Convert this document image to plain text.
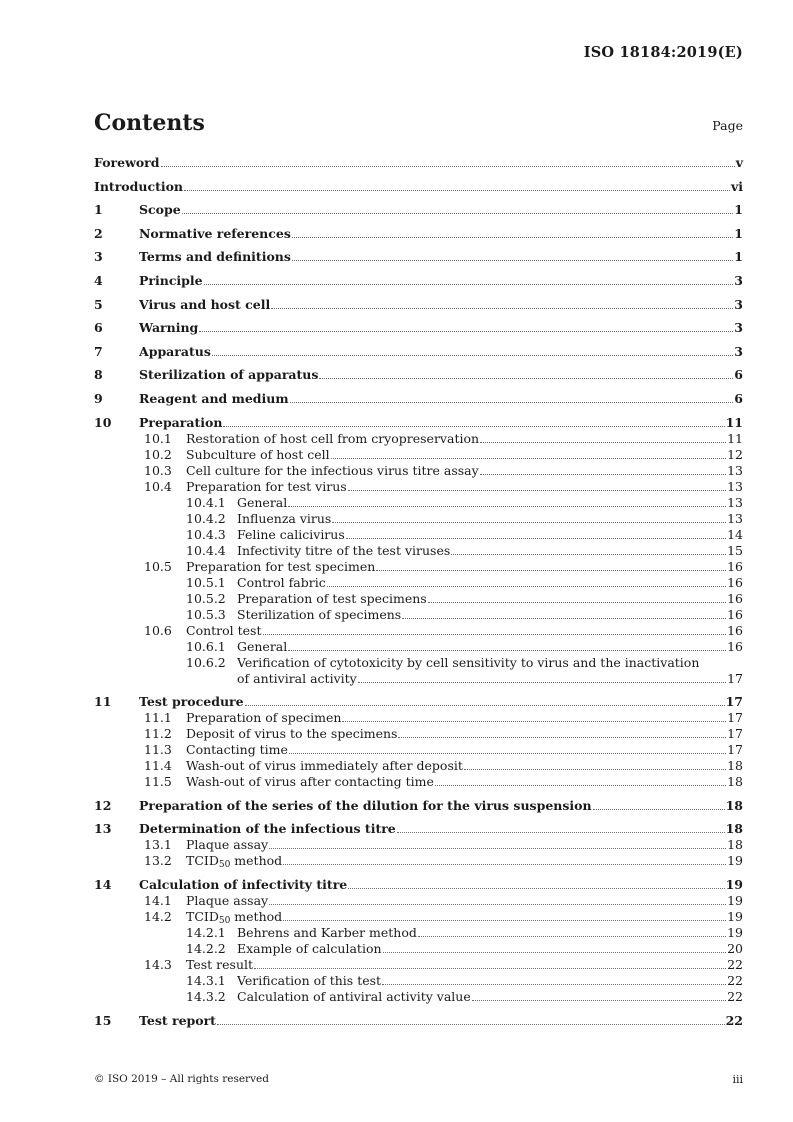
ISO 18184:2019(E)
Contents	Page
Foreword	v
Introduction	vi
1	Scope	1
2	Normative references	1
3	Terms and definitions	1
4	Principle	3
5	Virus and host cell	3
6	Warning	3
7	Apparatus	3
8	Sterilization of apparatus	6
9	Reagent and medium	6
10	Preparation	11
10.1	Restoration of host cell from cryopreservation	11
10.2	Subculture of host cell	12
10.3	Cell culture for the infectious virus titre assay	13
10.4	Preparation for test virus	13
10.4.1 General	13
10.4.2 Influenza virus	13
10.4.3 Feline calicivirus	14
10.4.4 Infectivity titre of the test viruses	15
10.5	Preparation for test specimen	16
10.5.1 Control fabric	16
10.5.2 Preparation of test specimens	16
10.5.3 Sterilization of specimens	16
10.6	Control test	16
10.6.1 General	16
10.6.2 Verification of cytotoxicity by cell sensitivity to virus and the inactivation
of antiviral activity	17
11	Test procedure	17
11.1	Preparation of specimen	17
11.2	Deposit of virus to the specimens	17
11.3	Contacting time	17
11.4	Wash-out of virus immediately after deposit	18
11.5	Wash-out of virus after contacting time	18
12	Preparation of the series of the dilution for the virus suspension	18
13	Determination of the infectious titre	18
13.1	Plaque assay	18
13.2	$TCID_{50}$ method	19
14	Calculation of infectivity titre	19
14.1	Plaque assay	19
14.2	$TCID_{50}$ method	19
14.2.1 Behrens and Karber method	19
14.2.2 Example of calculation	20
14.3	Test result	22
14.3.1 Verification of this test	22
14.3.2 Calculation of antiviral activity value	22
15	Test report	22
© ISO 2019 – All rights reserved	iii
